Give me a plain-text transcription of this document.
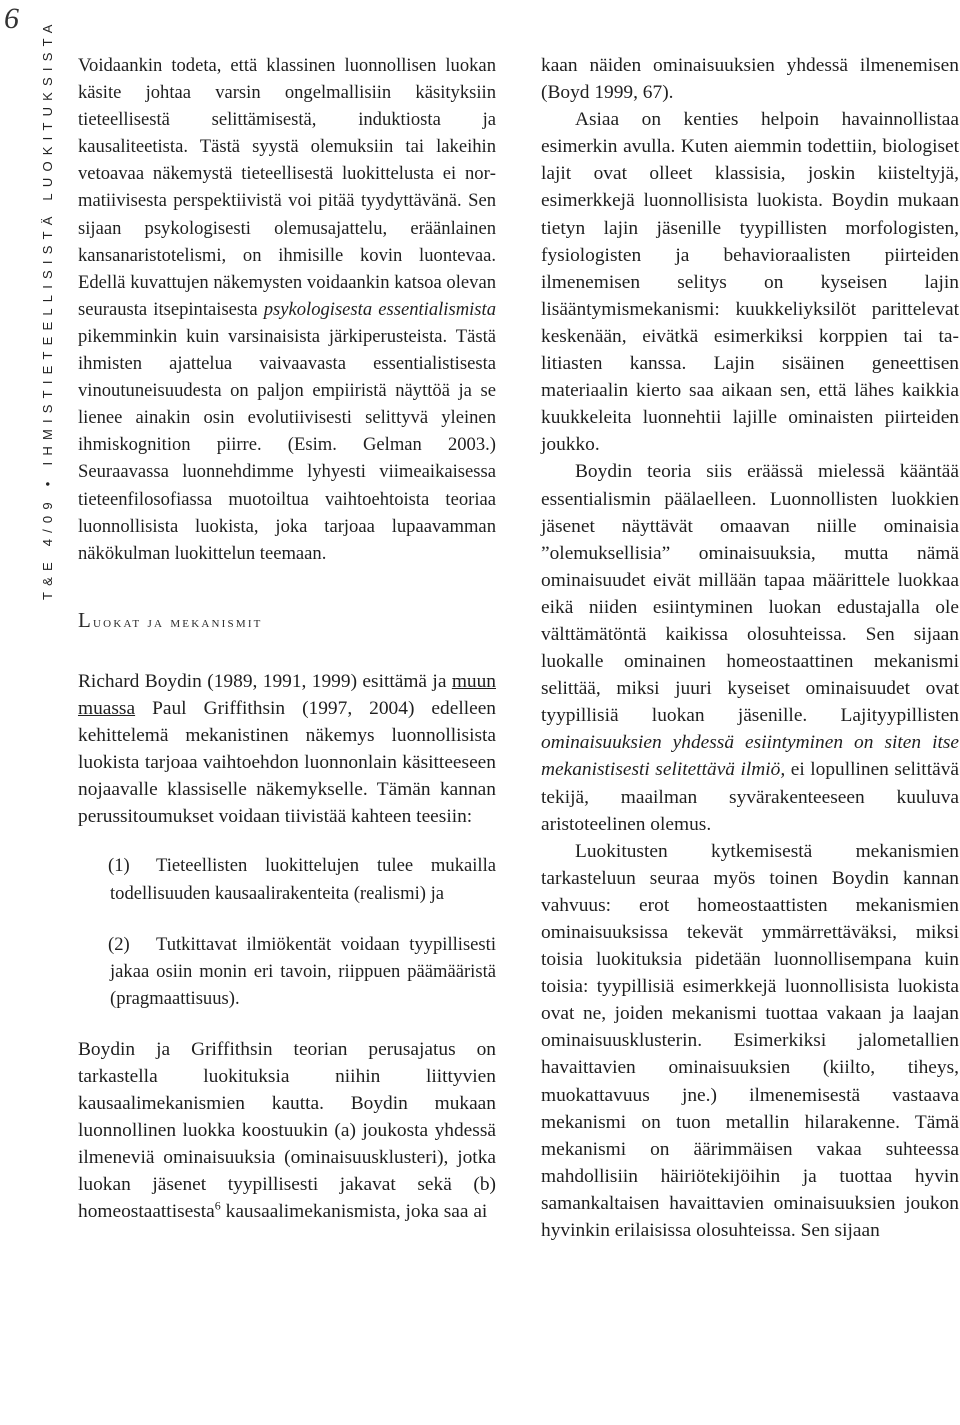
6
T&E 4/09•IHMISTIETEELLISISTÄ LUOKITUKSISTA Voidaankin todeta, että klassinen luonnollisen luokan käsite johtaa varsin ongelmallisiin käsityksiin tieteellisestä selittämisestä, induktiosta ja kausaliteetista. Tästä syystä olemuksiin tai lakeihin vetoavaa näkemystä tieteellisestä luokittelusta ei normatiivisesta perspektiivistä voi pitää tyydyttävänä. Sen sijaan psykologisesti olemusajattelu, eräänlainen kansanaristotelismi, on ihmisille kovin luontevaa. Edellä kuvattujen näkemysten voidaankin katsoa olevan seurausta itsepintaisesta psykologisesta essentialismista pikemminkin kuin varsinaisista järkiperusteista. Tästä ihmisten ajattelua vaivaavasta essentialistisesta vinoutuneisuudesta on paljon empiiristä näyttöä ja se lienee ainakin osin evolutiivisesti selittyvä yleinen ihmiskognition piirre. (Esim. Gelman 2003.) Seuraavassa luonnehdimme lyhyesti viimeaikaisessa tieteenfilosofiassa muotoiltua vaihtoehtoista teoriaa luonnollisista luokista, joka tarjoaa lupaavamman näkökulman luokittelun teemaan.

Luokat ja mekanismit

Richard Boydin (1989, 1991, 1999) esittämä ja muun muassa Paul Griffithsin (1997, 2004) edelleen kehittelemä mekanistinen näkemys luonnollisista luokista tarjoaa vaihtoehdon luonnonlain käsitteeseen nojaavalle klassiselle näkemykselle. Tämän kannan perussitoumukset voidaan tiivistää kahteen teesiin:

(1) Tieteellisten luokittelujen tulee mukailla todellisuuden kausaalirakenteita (realismi) ja
(2) Tutkittavat ilmiökentät voidaan tyypillisesti jakaa osiin monin eri tavoin, riippuen päämääristä (pragmaattisuus).

Boydin ja Griffithsin teorian perusajatus on tarkastella luokituksia niihin liittyvien kausaalimekanismien kautta. Boydin mukaan luonnollinen luokka koostuukin (a) joukosta yhdessä ilmeneviä ominaisuuksia (ominaisuusklusteri), jotka luokan jäsenet tyypillisesti jakavat sekä (b) homeostaattisesta$^6$ kausaalimekanismista, joka saa ai

kaan näiden ominaisuuksien yhdessä ilmenemisen (Boyd 1999, 67).

Asiaa on kenties helpoin havainnollistaa esimerkin avulla. Kuten aiemmin todettiin, biologiset lajit ovat olleet klassisia, joskin kiisteltyjä, esimerkkejä luonnollisista luokista. Boydin mukaan tietyn lajin jäsenille tyypillisten morfologisten, fysiologisten ja behavioraalisten piirteiden ilmenemisen selitys on kyseisen lajin lisääntymismekanismi: kuukkeliyksilöt parittelevat keskenään, eivätkä esimerkiksi korppien tai talitiasten kanssa. Lajin sisäinen geneettisen materiaalin kierto saa aikaan sen, että lähes kaikkia kuukkeleita luonnehtii lajille ominaisten piirteiden joukko.

Boydin teoria siis eräässä mielessä kääntää essentialismin päälaelleen. Luonnollisten luokkien jäsenet näyttävät omaavan niille ominaisia ”olemuksellisia” ominaisuuksia, mutta nämä ominaisuudet eivät millään tapaa määrittele luokkaa eikä niiden esiintyminen luokan edustajalla ole välttämätöntä kaikissa olosuhteissa. Sen sijaan luokalle ominainen homeostaattinen mekanismi selittää, miksi juuri kyseiset ominaisuudet ovat tyypillisiä luokan jäsenille. Lajityypillisten ominaisuuksien yhdessä esiintyminen on siten itse mekanistisesti selitettävä ilmiö, ei lopullinen selittävä tekijä, maailman syvärakenteeseen kuuluva aristoteelinen olemus.

Luokitusten kytkemisestä mekanismien tarkasteluun seuraa myös toinen Boydin kannan vahvuus: erot homeostaattisten mekanismien ominaisuuksissa tekevät ymmärrettäväksi, miksi toisia luokituksia pidetään luonnollisempana kuin toisia: tyypillisiä esimerkkejä luonnollisista luokista ovat ne, joiden mekanismi tuottaa vakaan ja laajan ominaisuusklusterin. Esimerkiksi jalometallien havaittavien ominaisuuksien (kiilto, tiheys, muokattavuus jne.) ilmenemisestä vastaava mekanismi on tuon metallin hilarakenne. Tämä mekanismi on äärimmäisen vakaa suhteessa mahdollisiin häiriötekijöihin ja tuottaa hyvin samankaltaisen havaittavien ominaisuuksien joukon hyvinkin erilaisissa olosuhteissa. Sen sijaan
